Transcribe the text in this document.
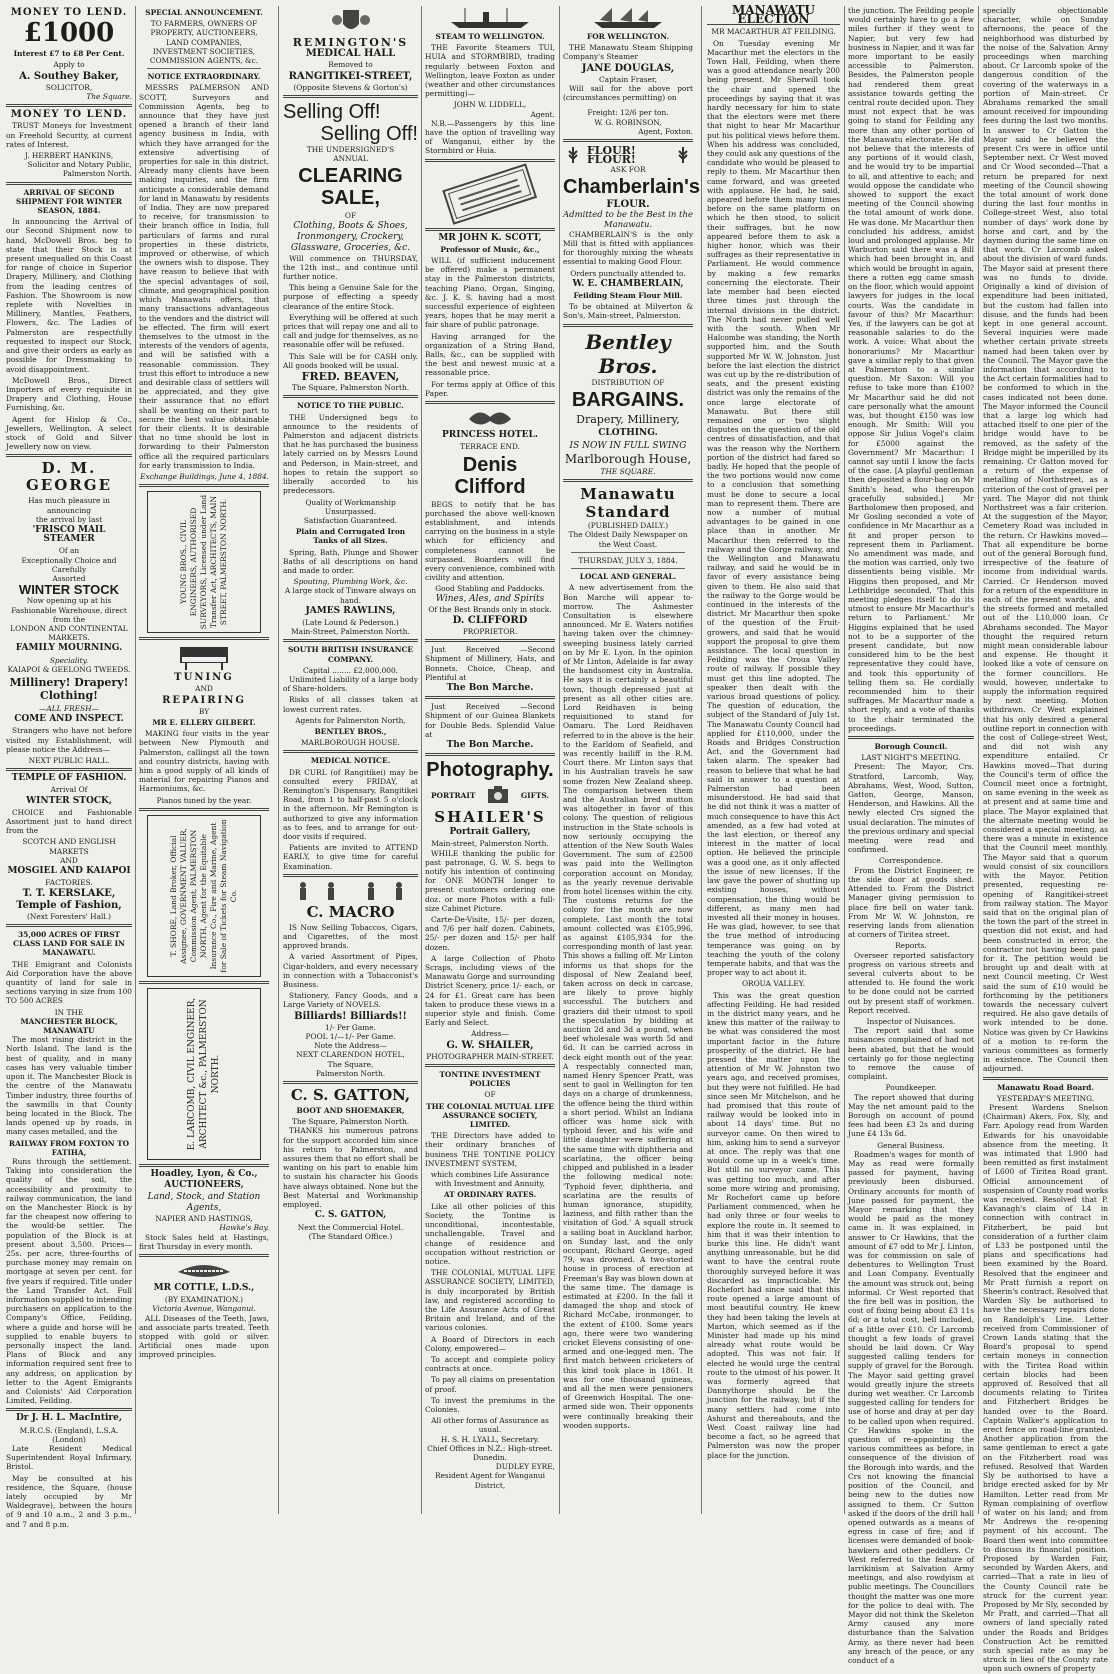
MONEY TO LEND.
£1000
Interest £7 to £8 Per Cent.
Apply to
A. Southey Baker,
SOLICITOR,
The Square.
MONEY TO LEND.

TRUST Moneys for Investment on Freehold Security, at current rates of Interest.

J. HERBERT HANKINS,
Solicitor and Notary Public, Palmerston North.
ARRIVAL OF SECOND SHIPMENT FOR WINTER SEASON, 1884.

In announcing the Arrival of our Second Shipment now to hand, McDowell Bros. beg to state that their Stock is at present unequalled on this Coast for range of choice in Superior Drapery, Millinery, and Clothing from the leading centres of Fashion. The Showroom is now replete with Novelties in Millinery, Mantles, Feathers, Flowers, &c. The Ladies of Palmerston are respectfully requested to inspect our Stock, and give their orders as early as possible for Dressmaking to avoid disappointment.

McDowell Bros., Direct Importers of every requisite in Drapery and Clothing, House Furnishing, &c.

Agent for Hislop & Co., Jewellers, Wellington. A select stock of Gold and Silver Jewellery now on view.

D. M. GEORGE
Has much pleasure in announcing
the arrival by last
'FRISCO MAIL STEAMER
Of an
Exceptionally Choice and Carefully
Assorted
WINTER STOCK
Now opening up at his Fashionable Warehouse, direct from the
LONDON AND CONTINENTAL MARKETS.
FAMILY MOURNING.
Speciality.
KAIAPOI & GEELONG TWEEDS.
Millinery! Drapery! Clothing!
—ALL FRESH—
COME AND INSPECT.

Strangers who have not before visited my Establishment, will please notice the Address—

NEXT PUBLIC HALL.
TEMPLE OF FASHION.
Arrival Of
WINTER STOCK,

CHOICE and Fashionable Assortment just to hand direct from the

SCOTCH AND ENGLISH MARKETS
AND
MOSGIEL AND KAIAPOI
FACTORIES.
T. T. KERSLAKE,
Temple of Fashion,
(Next Foresters' Hall.)
35,000 ACRES OF FIRST CLASS LAND FOR SALE IN MANAWATU.

THE Emigrant and Colonists Aid Corporation have the above quantity of land for sale in sections varying in size from 100 TO 500 ACRES

IN THE
MANCHESTER BLOCK, MANAWATU

The most rising district in the North Island. The land is the best of quality, and in many cases has very valuable timber upon it. The Manchester Block is the centre of the Manawatu Timber industry, three fourths of the sawmills in that County being located in the Block. The lands opened up by roads, in many cases metalled, and the

RAILWAY FROM FOXTON TO FATIHA,

Runs through the settlement. Taking into consideration the quality of the soil, the accessibility and proximity to railway communication, the land on the Manchester Block is by far the cheapest now offering to the would-be settler. The population of the Block is at present about 3,500. Prices—25s. per acre, three-fourths of purchase money may remain on mortgage at seven per cent. for five years if required. Title under the Land Transfer Act. Full information supplied to intending purchasers on application to the Company's Office, Feilding, where a guide and horse will be supplied to enable buyers to personally inspect the land. Plans of Block and any information required sent free to any address, on application by letter to the Agent Emigrants and Colonists' Aid Corporation Limited, Feilding.

Dr J. H. L. MacIntire,
M.R.C.S. (England), L.S.A. (London)

Late Resident Medical Superintendent Royal Infirmary, Bristol.

May be consulted at his residence, the Square, (house lately occupied by Mr Waldegrave), between the hours of 9 and 10 a.m., 2 and 3 p.m., and 7 and 8 p.m.

SPECIAL ANNOUNCEMENT.
TO FARMERS, OWNERS OF PROPERTY, AUCTIONEERS, LAND COMPANIES, INVESTMENT SOCIETIES, COMMISSION AGENTS, &c.
NOTICE EXTRAORDINARY.

MESSRS PALMERSON AND SCOTT, Surveyors and Commission Agents, beg to announce that they have just opened a branch of their land agency business in India, with which they have arranged for the extensive advertising of properties for sale in this district. Already many clients have been making inquiries, and the firm anticipate a considerable demand for land in Manawatu by residents of India. They are now prepared to receive, for transmission to their branch office in India, full particulars of farms and rural properties in these districts, improved or otherwise, of which the owners wish to dispose. They have reason to believe that with the special advantages of soil, climate, and geographical position which Manawatu offers, that many transactions advantageous to the vendors and the district will be effected. The firm will exert themselves to the utmost in the interests of the vendors of agents, and will be satisfied with a reasonable commission. They trust this effort to introduce a new and desirable class of settlers will be appreciated, and they give their assurance that no effort shall be wanting on their part to secure the best value obtainable for their clients. It is desirable that no time should be lost in forwarding to their Palmerston office all the required particulars for early transmission to India.

Exchange Buildings, June 4, 1884.
YOUNG BROS., CIVIL ENGINEERS, AUTHORISED SURVEYORS, Licensed under Land Transfer Act, ARCHITECTS, MAIN STREET, PALMERSTON NORTH.
TUNING
AND
REPAIRING
BY
MR E. ELLERY GILBERT.

MAKING four visits in the year between New Plymouth and Palmerston, callingst all the town and country districts, having with him a good supply of all kinds of material for repairing Pianos and Harmoniums, &c.

Pianos tuned by the year.
T. SHORE, Land Broker, Official Assignee, GOVERNMENT VALUER, Commission Agent, PALMERSTON NORTH, Agent for the Equitable Insurance Co., Fire and Marine, Agent for Sale of Tickets for Steam Navigation Co.
E. LARCOMB, CIVIL ENGINEER, ARCHITECT &c., PALMERSTON NORTH.
Hoadley, Lyon, & Co.,
AUCTIONEERS,
Land, Stock, and Station Agents,
NAPIER AND HASTINGS,
Hawke's Bay.

Stock Sales held at Hastings, first Thursday in every month.

MR COTTLE, L.D.S.,
(BY EXAMINATION.)
Victoria Avenue, Wanganui.

ALL Diseases of the Teeth, Jaws, and associate parts treated. Teeth stopped with gold or silver. Artificial ones made upon improved principles.

REMINGTON'S
MEDICAL HALL
Removed to
RANGITIKEI-STREET,
(Opposite Stevens & Gorton's)
Selling Off!
Selling Off!
THE UNDERSIGNED'S
ANNUAL
CLEARING SALE,
OF
Clothing, Boots & Shoes, Ironmongery, Crockery, Glassware, Groceries, &c.

Will commence on THURSDAY, the 12th inst., and continue until further notice.

This being a Genuine Sale for the purpose of effecting a speedy clearance of the entire Stock.

Everything will be offered at such prices that will repay one and all to call and judge for themselves, as no reasonable offer will be refused.

This Sale will be for CASH only. All goods booked will be usual.

FRED. BEAVEN,
The Square, Palmerston North.
NOTICE TO THE PUBLIC.

THE Undersigned begs to announce to the residents of Palmerston and adjacent districts that he has purchased the business lately carried on by Messrs Lound and Pederson, in Main-street, and hopes to retain the support so liberally accorded to his predecessors.

Quality of Workmanship Unsurpassed.
Satisfaction Guaranteed.
Plain and Corrugated Iron Tanks of all Sizes.

Spring, Bath, Plunge and Shower Baths of all descriptions on hand and made to order.

Spouting, Plumbing Work, &c.
A large stock of Tinware always on hand.
JAMES RAWLINS,
(Late Lound & Pederson.)
Main-Street, Palmerston North.
SOUTH BRITISH INSURANCE COMPANY.
Capital ........ £2,000,000.

Unlimited Liability of a large body of Share-holders.

Risks of all classes taken at lowest current rates.

Agents for Palmerston North,
BENTLEY BROS.,
MARLBOROUGH HOUSE.
MEDICAL NOTICE.

DR CURL (of Rangitikei) may be consulted every FRIDAY, at Remington's Dispensary, Rangitikei Road, from 1 to half-past 5 o'clock in the afternoon. Mr Remington is authorized to give any information as to fees, and to arrange for out-door visits if required.

Patients are invited to ATTEND EARLY, to give time for careful Examination.

C. MACRO

IS Now Selling Tobaccos, Cigars, and Cigarettes, of the most approved brands.

A varied Assortment of Pipes, Cigar-holders, and every necessary in connection with a Tobacconist's Business.

Stationery, Fancy Goods, and a Large Variety of NOVELS.

Billiards! Billiards!!
1/- Per Game.
POOL 1/—1/- Per Game.
Note the Address—
NEXT CLARENDON HOTEL,
The Square,
Palmerston North.
C. S. GATTON,
BOOT AND SHOEMAKER,
The Square, Palmerston North.

THANKS his numerous patrons for the support accorded him since his return to Palmerston, and assures them that no effort shall be wanting on his part to enable him to sustain his character his Goods have always obtained. None but the Best Material and Workmanship employed.

C. S. GATTON,
Next the Commercial Hotel.
(The Standard Office.)
STEAM TO WELLINGTON.

THE Favorite Steamers TUI, HUIA and STORMBIRD, trading regularly between Foxton and Wellington, leave Foxton as under (weather and other circumstances permitting)—

JOHN W. LIDDELL,
Agent.

N.B.—Passengers by this line have the option of travelling way of Wanganui, either by the Stormbird or Huia.

MR JOHN K. SCOTT,
Professor of Music, &c.,

WILL (if sufficient inducement be offered) make a permanent stay in the Palmerston districts, teaching Piano, Organ, Singing, &c. J. K. S. having had a most successful experience of eighteen years, hopes that he may merit a fair share of public patronage.

Having arranged for the organization of a String Band, Balls, &c., can be supplied with the best and newest music at a reasonable price.

For terms apply at Office of this Paper.

PRINCESS HOTEL.
TERRACE END.
Denis Clifford

BEGS to notify that he has purchased the above well-known establishment, and intends carrying on the business in a style which for efficiency and completeness cannot be surpassed. Boarders will find every convenience, combined with civility and attention.

Good Stabling and Paddocks.
Wines, Ales, and Spirits
Of the Best Brands only in stock.
D. CLIFFORD
PROPRIETOR.

Just Received —Second Shipment of Millinery, Hats, and Bonnets. Choice, Cheap, and Plentiful at

The Bon Marche.

Just Received —Second Shipment of our Guinea Blankets for Double Beds. Splendid Value at

The Bon Marche.
Photography.
PORTRAIT	GIFTS.
SHAILER'S
Portrait Gallery,
Main-street, Palmerston North.

WHILE thanking the public for past patronage, G. W. S. begs to notify his intention of continuing for ONE MONTH longer to present customers ordering one doz. or more Photos with a full-size Cabinet Picture.

Carte-De-Visite, 15/- per dozen, and 7/6 per half dozen. Cabinets, 25/- per dozen and 15/- per half dozen.

A large Collection of Photo Scraps, including views of the Manawatu Gorge and surrounding District Scenery, price 1/- each, or 24 for £1. Great care has been taken to produce these views in a superior style and finish. Come Early and Select.

Address—
G. W. SHAILER,
PHOTOGRAPHER MAIN-STREET.
TONTINE INVESTMENT POLICIES
OF
THE COLONIAL MUTUAL LIFE ASSURANCE SOCIETY, LIMITED.

THE Directors have added to their ordinary branches of business THE TONTINE POLICY INVESTMENT SYSTEM,

which combines Life Assurance with Investment and Annuity,
AT ORDINARY RATES.

Like all other policies of this Society, the Tontine is unconditional, incontestable, unchallengable. Travel and change of residence and occupation without restriction or notice.

THE COLONIAL MUTUAL LIFE ASSURANCE SOCIETY, LIMITED, is duly incorporated by British law, and registered according to the Life Assurance Acts of Great Britain and Ireland, and of the various colonies.

A Board of Directors in each Colony, empowered—

To accept and complete policy contracts at once.

To pay all claims on presentation of proof.

To invest the premiums in the Colonies.

All other forms of Assurance as usual.
H. S. H. LYALL, Secretary.
Chief Offices in N.Z.: High-street. Dunedin.
DUDLEY EYRE,
Resident Agent for Wanganui District,
FOR WELLINGTON.

THE Manawatu Steam Shipping Company's Steamer

JANE DOUGLAS,
Captain Fraser,

Will sail for the above port (circumstances permitting) on

Freight: 12/6 per ton.
W. G. ROBINSON,
Agent, Foxton.
FLOUR! FLOUR!
ASK FOR
Chamberlain's
FLOUR.
Admitted to be the Best in the Manawatu.

CHAMBERLAIN'S is the only Mill that is fitted with appliances for thoroughly mixing the wheats essential to making Good Flour.

Orders punctually attended to.
W. E. CHAMBERLAIN,
Feilding Steam Flour Mill.

To be obtained at Milverton & Son's, Main-street, Palmerston.

Bentley Bros.
DISTRIBUTION OF
BARGAINS.
Drapery, Millinery,
CLOTHING.
IS NOW IN FULL SWING
Marlborough House,
THE SQUARE.
Manawatu Standard
(PUBLISHED DAILY.)
The Oldest Daily Newspaper on the West Coast.
THURSDAY, JULY 3, 1884.
LOCAL AND GENERAL.

A new advertisement from the Bon Marche will appear to-morrow. The Ashmester Consultation is elsewhere announced. Mr E. Waters notifies having taken over the chimney-sweeping business lately carried on by Mr E. Lyon. In the opinion of Mr Linton, Adelaide is far away the handsomest city in Australia. He says it is certainly a beautiful town, though depressed just at present as all other cities are. Lord Reidhaven is being requisitioned to stand for Oamaru. The Lord Reidhaven referred to in the above is the heir to the Earldom of Seafield, and was recently bailiff in the R.M. Court there. Mr Linton says that in his Australian travels he saw some frozen New Zealand sheep. The comparison between them and the Australian bred mutton was altogether in favor of this colony. The question of religious instruction in the State schools is now seriously occupying the attention of the New South Wales Government. The sum of £2500 was paid into the Wellington corporation account on Monday, as the yearly revenue derivable from hotel licenses within the city. The customs returns for the colony for the month are now complete. Last month the total amount collected was £105,996, as against £105,934 for the corresponding month of last year. This shows a falling off. Mr Linton informs us that shops for the disposal of New Zealand beef, taken across on deck in carcase, are likely to prove highly successful. The butchers and graziers did their utmost to spoil the speculation by bidding at auction 2d and 3d a pound, when beef wholesale was worth 5d and 6d. It can be carried across in deck eight month out of the year. A respectably connected man, named Henry Spencer Pratt, was sent to gaol in Wellington for ten days on a charge of drunkenness, the offence being the third within a short period. Whilst an Indiana officer was home sick with typhoid fever, and his wife and little daughter were suffering at the same time with diphtheria and scarlatina, the officer being chipped and published in a leader the following medical note: 'Typhoid fever, diphtheria, and scarlatina are the results of human ignorance, stupidity, laziness, and filth rather than the visitation of God.' A squall struck a sailing boat in Auckland harbor, on Sunday last, and the only occupant, Richard George, aged 79, was drowned. A two-storied house in process of erection at Freeman's Bay was blown down at the same time. The damage is estimated at £200. In the fall it damaged the shop and stock of Richard McCabe, ironmonger, to the extent of £100. Some years ago, there were two wandering cricket Elevens consisting of one-armed and one-legged men. The first match between cricketers of this kind took place in 1861. It was for one thousand guineas, and all the men were pensioners of Greenwich Hospital. The one-armed side won. Their opponents were continually breaking their wooden supports.

MANAWATU ELECTION
MR MACARTHUR AT FEILDING.

On Tuesday evening Mr Macarthur met the electors in the Town Hall, Feilding, when there was a good attendance nearly 200 being present. Mr Sherwill took the chair and opened the proceedings by saying that it was hardly necessary for him to state that the electors were met there that night to hear Mr Macarthur put his political views before them. When his address was concluded, they could ask any questions of the candidate who would be pleased to reply to them. Mr Macarthur then came forward, and was greeted with applause. He had, he said, appeared before them many times before on the same platform on which he then stood, to solicit their suffrages, but he now appeared before them to ask a higher honor, which was their suffrages as their representative in Parliament. He would commence by making a few remarks concerning the electorate. Their late member had been elected three times just through the internal divisions in the district. The North had never pulled well with the south. When Mr Halcombe was standing, the North supported him, and the South supported Mr W. W. Johnston. Just before the last election the district was cut up by the re-distribution of seats, and the present existing district was only the remains of the once large electorate of Manawatu. But there still remained one or two slight disputes on the question of the old centres of dissatisfaction, and that was the reason why the Northern portion of the district had fared so badly. He hoped that the people of the two portions would now come to a conclusion that something must be done to secure a local man to represent them. There are now a number of mutual advantages to be gained in one place than in another. Mr Macarthur then referred to the railway and the Gorge railway, and the Wellington and Manawatu railway, and said he would be in favor of every assistance being given to them. He also said that the railway to the Gorge would be continued in the interests of the district. Mr Macarthur then spoke of the question of the Fruit-growers, and said that he would support the proposal to give them assistance. The local question in Feilding was the Oroua Valley route of railway. If possible they must get this line adopted. The speaker then dealt with the various broad questions of policy. The question of education, the subject of the Standard of July 1st. The Manawatu County Council had applied for £110,000, under the Roads and Bridges Construction Act, and the Government had taken alarm. The speaker had reason to believe that what he had said in answer to a question at Palmerston had been misunderstood. He had said that he did not think it was a matter of much consequence to have this Act amended, as a few had voted at the last election, or thereof any interest in the matter of local option. He believed the principle was a good one, as it only affected the issue of new licenses. If the law gave the power of shutting up existing houses, without compensation, the thing would be different, as many men had invested all their money in houses. He was glad, however, to see that the true method of introducing temperance was going on by teaching the youth of the colony temperate habits, and that was the proper way to act about it.

OROUA VALLEY.

This was the great question affecting Feilding. He had resided in the district many years, and he knew this matter of the railway to be what was considered the most important factor in the future prosperity of the district. He had pressed the matter upon the attention of Mr W. Johnston two years ago, and received promises, but they were not fulfilled. He had since seen Mr Mitchelson, and he had promised that this route of railway would be looked into in about 14 days' time. But no surveyor came. On then wired to him, asking him to send a surveyor at once. The reply was that one would come up in a week's time. But still no surveyor came. This was getting too much, and after some more wiring and promising, Mr Rochefort came up before Parliament commenced, when he had only three or four weeks to explore the route in. It seemed to him that it was their intention to burke this line. He didn't want anything unreasonable, but he did want to have the central route thoroughly surveyed before it was discarded as impracticable. Mr Rochefort had since said that this route opened a large amount of most beautiful country. He knew they had been taking the levels at Marton, which seemed as if the Minister had made up his mind already what route would be adopted. This was not fair. If elected he would urge the central route to the utmost of his power. It was formerly agreed that Dannythorpe should be the junction for the railway, but if the many settlers had come into Ashurst and thereabouts, and the West Coast railway line had become a fact, so he agreed that Palmerston was now the proper place for the junction.

the junction. The Feilding people would certainly have to go a few miles further if they went to Napier, but very few had business in Napier, and it was far more important to be easily accessible to Palmerston. Besides, the Palmerston people had rendered them great assistance towards getting the central route decided upon. They must not expect that he was going to stand for Feilding any more than any other portion of the Manawatu electorate. He did not believe that the interests of any portions of it would clash, and he would try to be impartial to all, and attentive to each; and would oppose the candidate who showed to support the exact meeting of the Council showing the total amount of work done. He was done. Mr Macarthur then concluded his address, amidst loud and prolonged applause. Mr Warburton said there was a Bill which had been brought in, and which would be brought in again, there a rotten egg came smash on the floor, which would appoint lawyers for judges in the local courts. Was the candidate in favour of this? Mr Macarthur: Yes, if the lawyers can be got at reasonable salaries to do the work. A voice: What about the honorariums? Mr Macarthur gave a similar reply to that given at Palmerston to a similar question. Mr Saxon: Will you refuse to take more than £100? Mr Macarthur said he did not care personally what the amount was, but thought £150 was low enough. Mr Smith: Will you oppose Sir Julius Vogel's claim for £5000 against the Government? Mr Macarthur: I cannot say until I know the facts of the case. [A playful gentleman then deposited a flour-bag on Mr Smith's head, who thereupon gracefully subsided.] Mr Bartholomew then proposed, and Mr Gosling seconded a vote of confidence in Mr Macarthur as a fit and proper person to represent them in Parliament. No amendment was made, and the motion was carried, only two dissentients being visible. Mr Higgins then proposed, and Mr Lethbridge seconded, 'That this meeting pledges itself to do its utmost to ensure Mr Macarthur's return to Parliament.' Mr Higgins explained that he used not to be a supporter of the present candidate, but now considered him to be the best representative they could have, and took this opportunity of telling them so. He cordially recommended him to their suffrages. Mr Macarthur made a short reply, and a vote of thanks to the chair terminated the proceedings.

Borough Council.
LAST NIGHT'S MEETING.

Present: The Mayor, Crs. Stratford, Larcomb, Way, Abrahams, West, Wood, Sutton, Gatton, George, Manson, Henderson, and Hawkins. All the newly elected Crs signed the usual declaration. The minutes of the previous ordinary and special meeting were read and confirmed.

Correspondence.

From the District Engineer, re the side door at goods shed. Attended to. From the District Manager giving permission to place fire bell on water tank. From Mr W. W. Johnston, re reserving lands from alienation at corners of Tiritea street.

Reports.

Overseer reported satisfactory progress on various streets and several culverts about to be attended to. He found the work to be done could not be carried out by present staff of workmen. Report received.

Inspector of Nuisances.

The report said that some nuisances complained of had not been abated, but that he would certainly go for those neglecting to remove the cause of complaint.

Poundkeeper.

The report showed that during May the net amount paid to the Borough on account of pound fees had been £3 2s and during June £4 13s 6d.

General Business.

Roadmen's wages for month of May as read were formally passed for payment, having previously been disbursed. Ordinary accounts for month of June passed for payment, the Mayor remarking that they would be paid as the money came in. It was explained, in answer to Cr Hawkins, that the amount of £7 odd to Mr J. Linton, was for commission on sale of debentures to Wellington Trust and Loan Company. Eventually the amount was struck out, being informal. Cr West reported that the fire bell was in position, the cost of fixing being about £3 11s 6d; or a total cost, bell included, of a little over £10. Cr Larcomb thought a few loads of gravel should be laid down. Cr Way suggested calling tenders for supply of gravel for the Borough. The Mayor said getting gravel would greatly injure the streets during wet weather. Cr Larcomb suggested calling for tenders for use of horse and dray at per day to be called upon when required. Cr Hawkins spoke in the question of re-appointing the various committees as before, in consequence of the division of the Borough into wards, and the Crs not knowing the financial position of the Council, and being new to the duties now assigned to them. Cr Sutton asked if the doors of the drill hall opened outwards as a means of egress in case of fire; and if licenses were demanded of book-hawkers and other peddlers. Cr West referred to the feature of larrikinism at Salvation Army meetings, and also rowdyism at public meetings. The Councillors thought the matter was one more for the police to deal with. The Mayor did not think the Skeleton Army caused any more disturbance than the Salvation Army, as there never had been any breach of the peace, or any conduct of a

specially objectionable character, while on Sunday afternoons, the peace of the neighborhood was disturbed by the noise of the Salvation Army proceedings when marching about. Cr Larcomb spoke of the dangerous condition of the covering of the waterways in a portion of Main-street. Cr Abrahams remarked the small amount received for impounding fees during the last two months. In answer to Cr Gatton the Mayor said he believed the present Crs were in office until September next. Cr West moved and Cr Wood seconded—That a return be prepared for next meeting of the Council showing the total amount of work done during the last four months in College-street West, also total number of days' work done by horse and cart, and by the daymen during the same time on that work. Cr Larcomb asked about the division of ward funds. The Mayor said at present there was no funds to divide. Originally a kind of division of expenditure had been initiated, but the custom had fallen into disuse, and the funds had been kept in one general account. Several inquiries were made whether certain private streets named had been taken over by the Council. The Mayor gave the information that according to the Act certain formalities had to be conformed to which in the cases indicated not been done. The Mayor informed the Council that a large log which had attached itself to one pier of the bridge would have to be removed, as the safety of the Bridge might be imperilled by its remaining. Cr Gatton moved for a return of the expense of metalling of Northstreet, as a criterion of the cost of gravel per yard. The Mayor did not think Northstreet was a fair criterion. At the suggestion of the Mayor, Cemetery Road was included in the return. Cr Hawkins moved—That all expenditure be borne out of the general Borough fund, irrespective of the feature of income from individual wards. Carried. Cr Henderson moved for a return of the expenditure in each of the present wards, and the streets formed and metalled out of the L10,000 loan. Cr Abrahams seconded. The Mayor thought the required return might mean considerable labour and expense. He thought it looked like a vote of censure on the former councillors. He would, however, undertake to supply the information required by next meeting. Motion withdrawn. Cr West explained that his only desired a general outline report in connection with the cost of College-street West, and did not wish any expenditure entailed. Cr Hawkins moved—That during the Council's term of office the Council meet once a fortnight, on same evening in the week as at present and at same time and place. The Mayor explained that the alternate meeting would be considered a special meeting, as there was a minute in existence that the Council meet monthly. The Mayor said that a quorum would consist of six councillors with the Mayor. Petition presented, requesting re-opening of Rangitikei-street from railway station. The Mayor said that on the original plan of the town the part of the street in question did not exist, and had been constructed in error, the contractor not having been paid for it. The petition would be brought up and dealt with at next Council meeting. Cr West said the sum of £10 would be forthcoming by the petitioners towards the necessary culvert required. He also gave details of work intended to be done. Notice was given by Cr Hawkins of a motion to re-form the various committees as formerly in existence. The Council then adjourned.

Manawatu Road Board.
YESTERDAY'S MEETING.

Present Wardens Snelson (Chairman) Akers, Fox, Sly, and Farr. Apology read from Warden Edwards for his unavoidable absence from the meeting. It was intimated that L900 had been remitted as first instalment of L600 of Tiritea Road grant. Official announcement of suspension of County road works was received. Resolved that P. Kavanagh's claim of L4 in connection with contract in Fitzherbert, be paid but consideration of a further claim of L33 be postponed until the plans and specifications had been examined by the Board. Resolved that the engineer and Mr Pratt furnish a report on Sheerin's contract. Resolved that Warden Sly be authorised to have the necessary repairs done on Randolph's Line. Letter received from Commissioner of Crown Lands stating that the Board's proposal to spend certain moneys in connection with the Tiritea Road within certain blocks had been approved of. Resolved that all documents relating to Tiritea and Fitzherbert Bridges be handed over to the Board. Captain Walker's application to erect fence on road-line granted. Another application from the same gentleman to erect a gate on the Fitzherbert road was refused. Resolved that Warden Sly be authorised to have a bridge erected asked for by Mr Hamilton. Letter read from Mr Ryman complaining of overflow of water on his land; and from Mr Andrews the re-opening payment of his account. The Board then went into committee to discuss its financial position. Proposed by Warden Fair, seconded by Warden Akers, and carried—That a rate in lieu of the County Council rate be struck for the current year. Proposed by Mr Sly, seconded by Mr Pratt, and carried—That all owners of land specially rated under the Roads and Bridges Construction Act be remitted such special rate as may be struck in lieu of the County rate upon such owners of property
